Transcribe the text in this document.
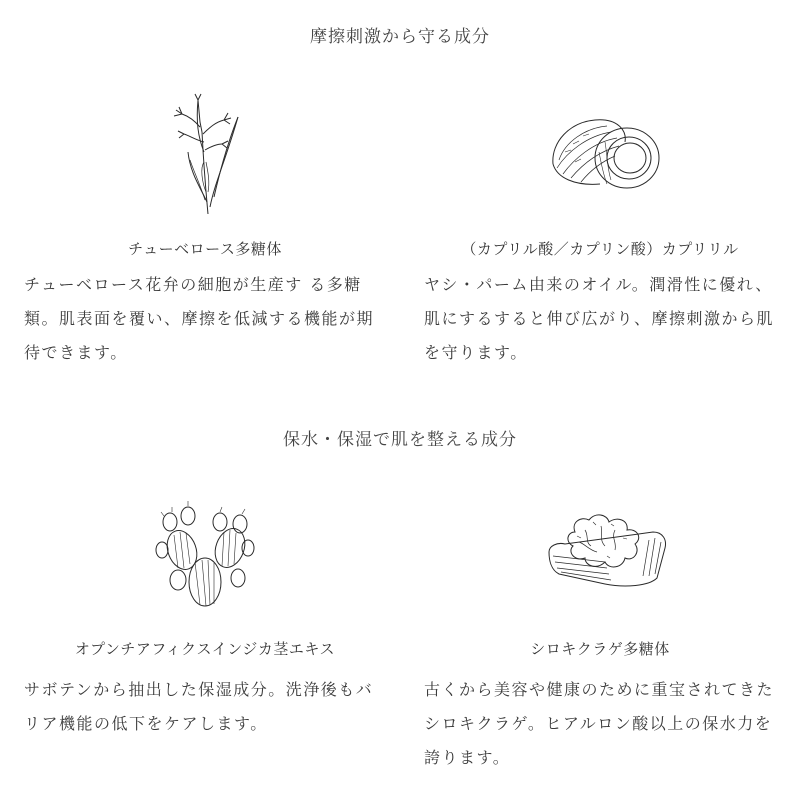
摩擦刺激から守る成分
チューベロース多糖体	（カプリル酸／カプリン酸）カプリリル

チューベロース花弁の細胞が生産す る多糖類。肌表面を覆い、摩擦を低減する機能が期待できます。

ヤシ・パーム由来のオイル。潤滑性に優れ、肌にするすると伸び広がり、摩擦刺激から肌を守ります。

保水・保湿で肌を整える成分
オプンチアフィクスインジカ茎エキス	シロキクラゲ多糖体

サボテンから抽出した保湿成分。洗浄後もバリア機能の低下をケアします。

古くから美容や健康のために重宝されてきたシロキクラゲ。ヒアルロン酸以上の保水力を誇ります。
